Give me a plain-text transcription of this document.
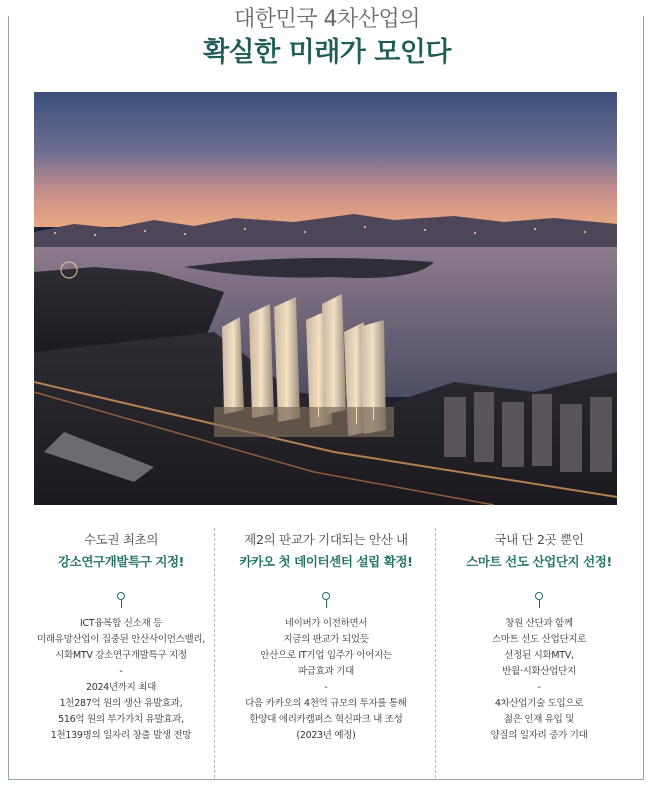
대한민국 4차산업의
확실한 미래가 모인다
수도권 최초의
강소연구개발특구 지정!
ICT융복합 신소재 등
미래유망산업이 집중된 안산사이언스밸리,
시화MTV 강소연구개발특구 지정
-
2024년까지 최대
1천287억 원의 생산 유발효과,
516억 원의 부가가치 유발효과,
1천139명의 일자리 창출 발생 전망
제2의 판교가 기대되는 안산 내
카카오 첫 데이터센터 설립 확정!
네이버가 이전하면서
지금의 판교가 되었듯
안산으로 IT기업 입주가 이어지는
파급효과 기대
-
다음 카카오의 4천억 규모의 투자를 통해
한양대 에리카캠퍼스 혁신파크 내 조성
(2023년 예정)
국내 단 2곳 뿐인
스마트 선도 산업단지 선정!
창원 산단과 함께
스마트 선도 산업단지로
선정된 시화MTV,
반월·시화산업단지
-
4차산업기술 도입으로
젊은 인재 유입 및
양질의 일자리 증가 기대
